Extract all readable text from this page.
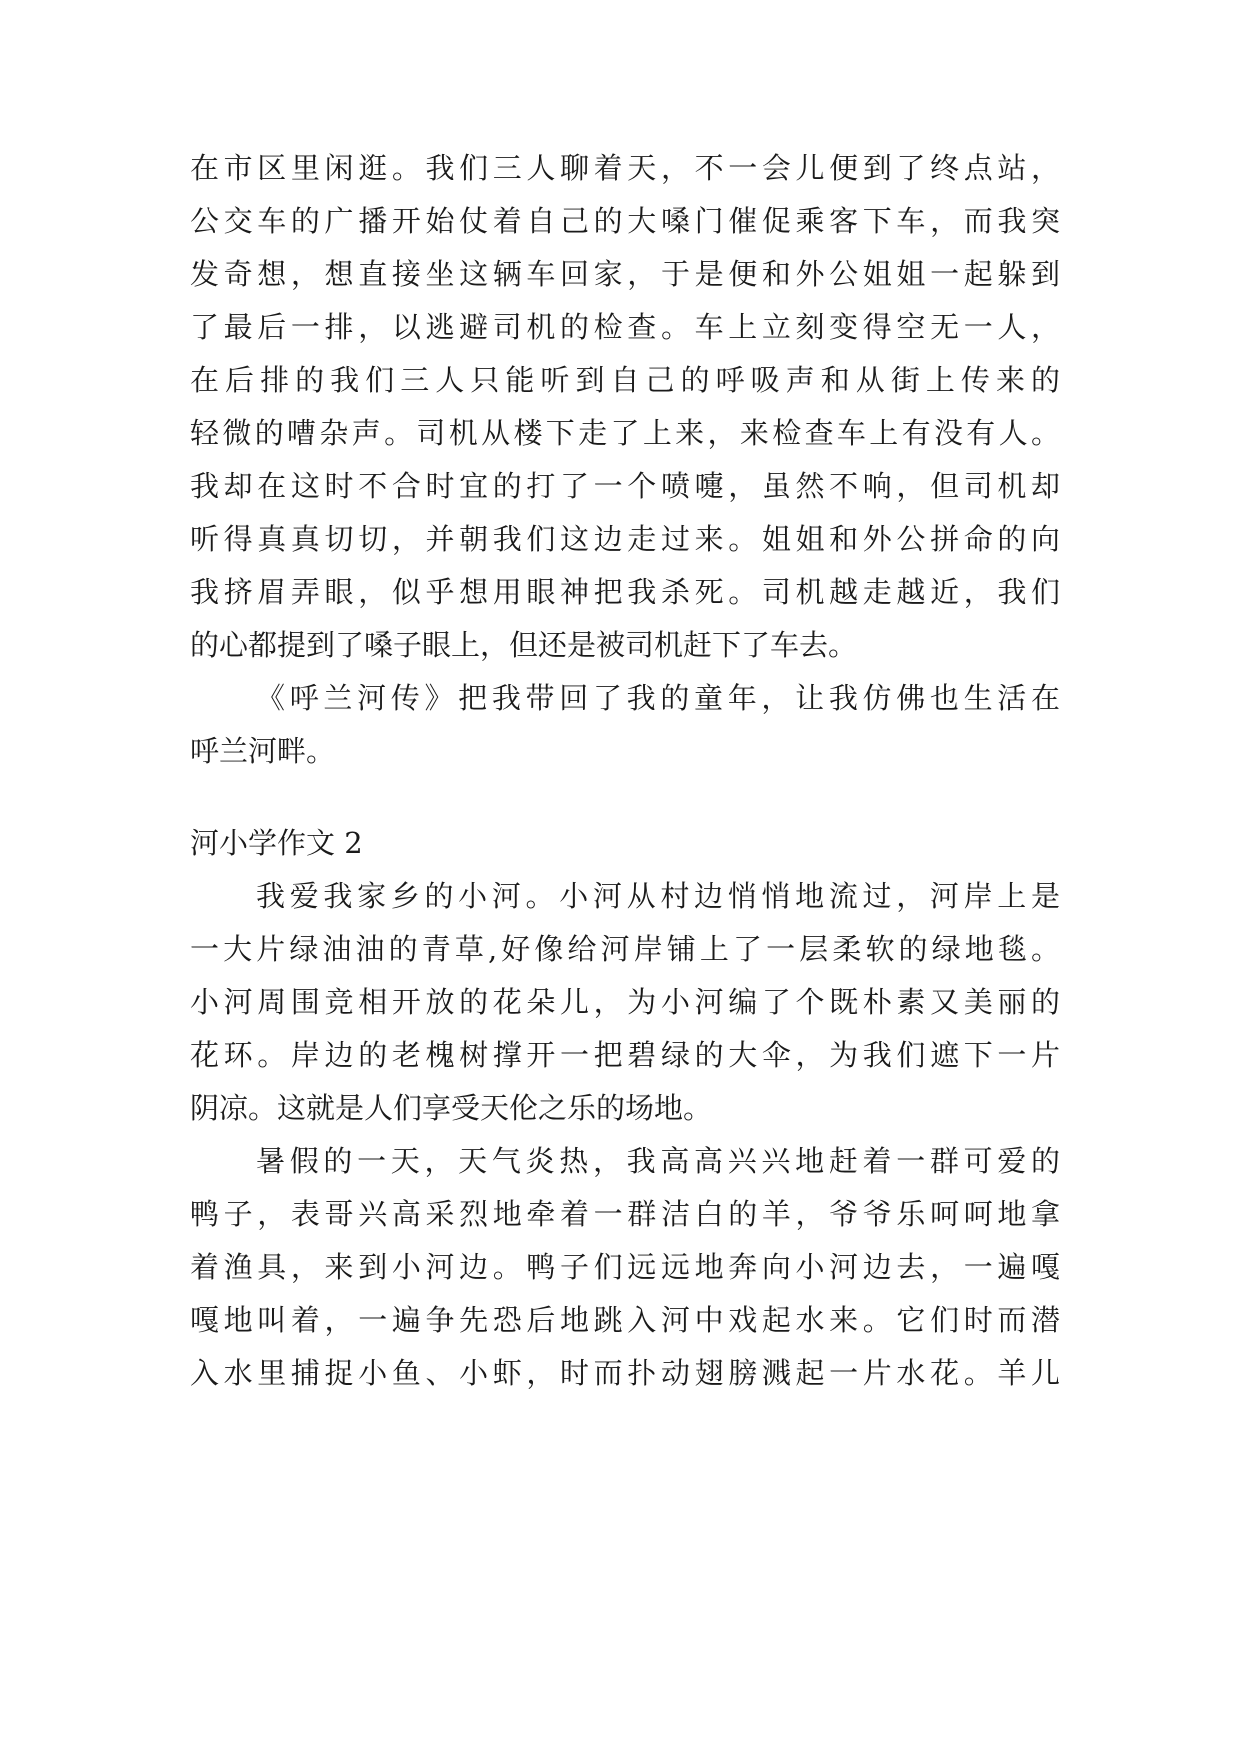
在市区里闲逛。我们三人聊着天，不一会儿便到了终点站，
公交车的广播开始仗着自己的大嗓门催促乘客下车，而我突
发奇想，想直接坐这辆车回家，于是便和外公姐姐一起躲到
了最后一排，以逃避司机的检查。车上立刻变得空无一人，
在后排的我们三人只能听到自己的呼吸声和从街上传来的
轻微的嘈杂声。司机从楼下走了上来，来检查车上有没有人。
我却在这时不合时宜的打了一个喷嚏，虽然不响，但司机却
听得真真切切，并朝我们这边走过来。姐姐和外公拼命的向
我挤眉弄眼，似乎想用眼神把我杀死。司机越走越近，我们
的心都提到了嗓子眼上，但还是被司机赶下了车去。
《呼兰河传》把我带回了我的童年，让我仿佛也生活在
呼兰河畔。
河小学作文 2
我爱我家乡的小河。小河从村边悄悄地流过，河岸上是
一大片绿油油的青草,好像给河岸铺上了一层柔软的绿地毯。
小河周围竞相开放的花朵儿，为小河编了个既朴素又美丽的
花环。岸边的老槐树撑开一把碧绿的大伞，为我们遮下一片
阴凉。这就是人们享受天伦之乐的场地。
暑假的一天，天气炎热，我高高兴兴地赶着一群可爱的
鸭子，表哥兴高采烈地牵着一群洁白的羊，爷爷乐呵呵地拿
着渔具，来到小河边。鸭子们远远地奔向小河边去，一遍嘎
嘎地叫着，一遍争先恐后地跳入河中戏起水来。它们时而潜
入水里捕捉小鱼、小虾，时而扑动翅膀溅起一片水花。羊儿
